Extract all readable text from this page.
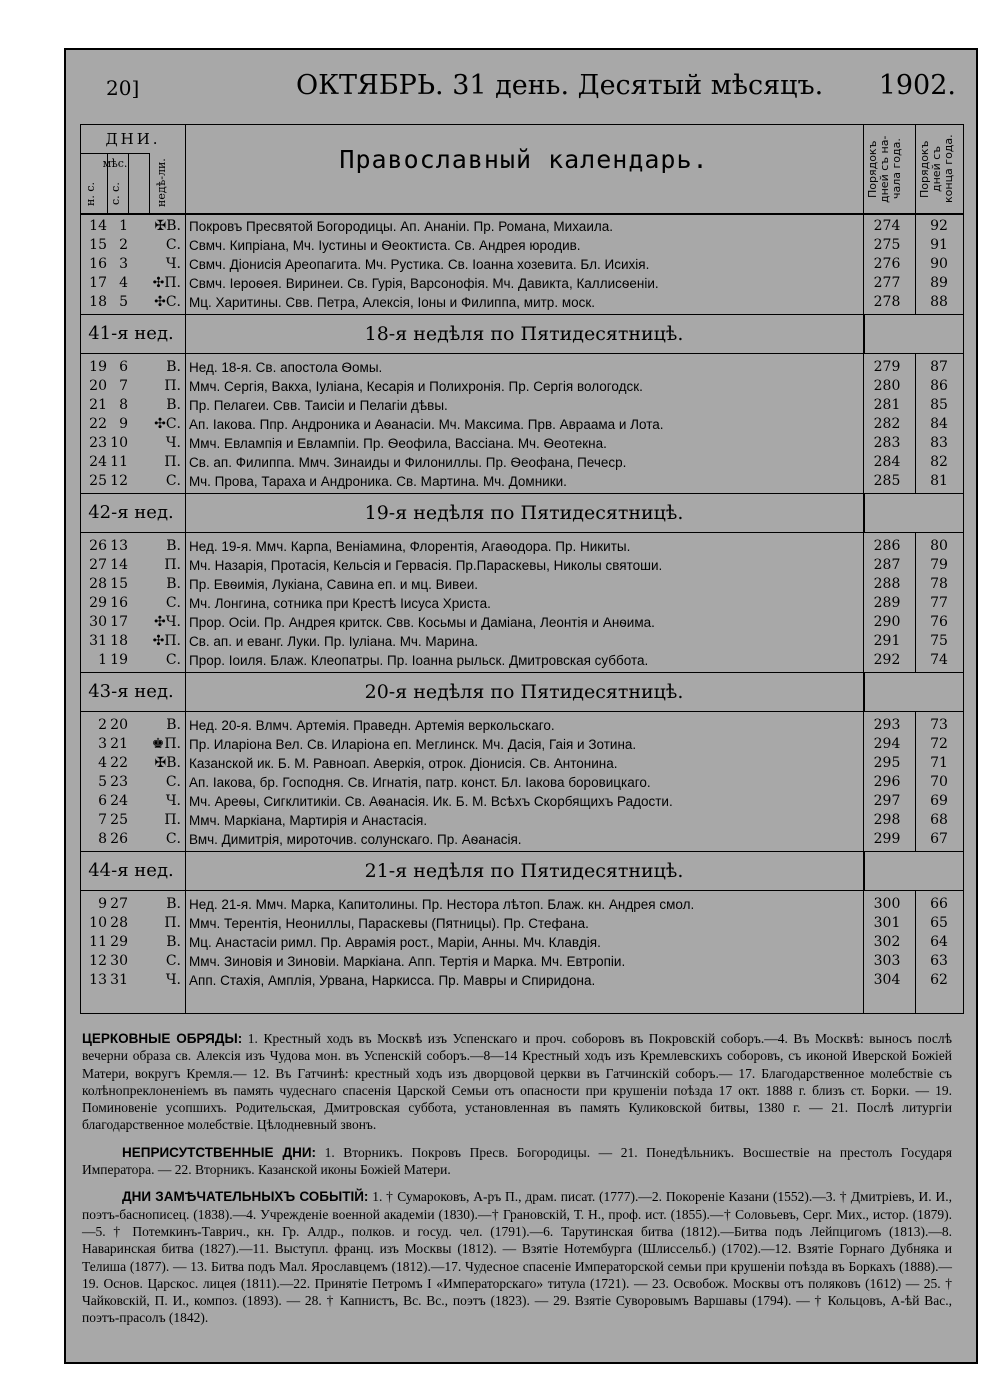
20]	ОКТЯБРЬ. 31 день. Десятый мѣсяцъ. 1902.
ДНИ.
мѣс.
н. с.	с. с.	недѣ-ли.	Православный календарь.	Порядокъ дней съ на-чала года.	Порядокъ дней съ конца года.
14 1	✠В. Покровъ Пресвятой Богородицы. Ап. Ананіи. Пр. Романа, Михаила.	274	92
15 2	С. Свмч. Кипріана, Мч. Іустины и Ѳеоктиста. Св. Андрея юродив.	275	91
16 3	Ч. Свмч. Діонисія Ареопагита. Мч. Рустика. Св. Іоанна хозевита. Бл. Исихія.	276	90
17 4	✣П. Свмч. Іероѳея. Виринеи. Св. Гурія, Варсонофія. Мч. Давикта, Каллисѳеніи.	277	89
18 5	✣С. Мц. Харитины. Свв. Петра, Алексія, Іоны и Филиппа, митр. моск.	278	88
41-я нед.	18-я недѣля по Пятидесятницѣ.
19 6	В. Нед. 18-я. Св. апостола Ѳомы.	279	87
20 7	П. Ммч. Сергія, Вакха, Іуліана, Кесарія и Полихронія. Пр. Сергія вологодск.	280	86
21 8	В. Пр. Пелагеи. Свв. Таисіи и Пелагіи дѣвы.	281	85
22 9	✣С. Ап. Іакова. Ппр. Андроника и Аѳанасіи. Мч. Максима. Прв. Авраама и Лота.	282	84
23 10	Ч. Ммч. Евлампія и Евлампіи. Пр. Ѳеофила, Вассіана. Мч. Ѳеотекна.	283	83
24 11	П. Св. ап. Филиппа. Ммч. Зинаиды и Филониллы. Пр. Ѳеофана, Печеср.	284	82
25 12	С. Мч. Прова, Тараха и Андроника. Св. Мартина. Мч. Домники.	285	81
42-я нед.	19-я недѣля по Пятидесятницѣ.
26 13	В. Нед. 19-я. Ммч. Карпа, Веніамина, Флорентія, Агаѳодора. Пр. Никиты.	286	80
27 14	П. Мч. Назарія, Протасія, Кельсія и Гервасія. Пр.Параскевы, Николы святоши.	287	79
28 15	В. Пр. Евѳимія, Лукіана, Савина еп. и мц. Вивеи.	288	78
29 16	С. Мч. Лонгина, сотника при Крестѣ Іисуса Христа.	289	77
30 17	✣Ч. Прор. Осіи. Пр. Андрея критск. Свв. Косьмы и Даміана, Леонтія и Анѳима.	290	76
31 18	✣П. Св. ап. и еванг. Луки. Пр. Іуліана. Мч. Марина.	291	75
1 19	С. Прор. Іоиля. Блаж. Клеопатры. Пр. Іоанна рыльск. Дмитровская суббота.	292	74
43-я нед.	20-я недѣля по Пятидесятницѣ.
2 20	В. Нед. 20-я. Влмч. Артемія. Праведн. Артемія веркольскаго.	293	73
3 21	♚П. Пр. Иларіона Вел. Св. Иларіона еп. Меглинск. Мч. Дасія, Гаія и Зотина.	294	72
4 22	✠В. Казанской ик. Б. М. Равноап. Аверкія, отрок. Діонисія. Св. Антонина.	295	71
5 23	С. Ап. Іакова, бр. Господня. Св. Игнатія, патр. конст. Бл. Іакова боровицкаго.	296	70
6 24	Ч. Мч. Ареѳы, Сигклитикіи. Св. Аѳанасія. Ик. Б. М. Всѣхъ Скорбящихъ Радости.	297	69
7 25	П. Ммч. Маркіана, Мартирія и Анастасія.	298	68
8 26	С. Вмч. Димитрія, мироточив. солунскаго. Пр. Аѳанасія.	299	67
44-я нед.	21-я недѣля по Пятидесятницѣ.
9 27	В. Нед. 21-я. Ммч. Марка, Капитолины. Пр. Нестора лѣтоп. Блаж. кн. Андрея смол.	300	66
10 28	П. Ммч. Терентія, Неониллы, Параскевы (Пятницы). Пр. Стефана.	301	65
11 29	В. Мц. Анастасіи римл. Пр. Аврамія рост., Маріи, Анны. Мч. Клавдія.	302	64
12 30	С. Ммч. Зиновія и Зиновіи. Маркіана. Апп. Тертія и Марка. Мч. Евтропіи.	303	63
13 31	Ч. Апп. Стахія, Амплія, Урвана, Наркисса. Пр. Мавры и Спиридона.	304	62

ЦЕРКОВНЫЕ ОБРЯДЫ: 1. Крестный ходъ въ Москвѣ изъ Успенскаго и проч. соборовъ въ Покровскій соборъ.—4. Въ Москвѣ: выносъ послѣ вечерни образа св. Алексія изъ Чудова мон. въ Успенскій соборъ.—8—14 Крестный ходъ изъ Кремлевскихъ соборовъ, съ иконой Иверской Божіей Матери, вокругъ Кремля.— 12. Въ Гатчинѣ: крестный ходъ изъ дворцовой церкви въ Гатчинскій соборъ.— 17. Благодарственное молебствіе съ колѣнопреклоненіемъ въ память чудеснаго спасенія Царской Семьи отъ опасности при крушеніи поѣзда 17 окт. 1888 г. близъ ст. Борки. — 19. Поминовеніе усопшихъ. Родительская, Дмитровская суббота, установленная въ память Куликовской битвы, 1380 г. — 21. Послѣ литургіи благодарственное молебствіе. Цѣлодневный звонъ.

НЕПРИСУТСТВЕННЫЕ ДНИ: 1. Вторникъ. Покровъ Пресв. Богородицы. — 21. Понедѣльникъ. Восшествіе на престолъ Государя Императора. — 22. Вторникъ. Казанской иконы Божіей Матери.

ДНИ ЗАМѢЧАТЕЛЬНЫХЪ СОБЫТІЙ: 1. † Сумароковъ, А-ръ П., драм. писат. (1777).—2. Покореніе Казани (1552).—3. † Дмитріевъ, И. И., поэтъ-баснописец. (1838).—4. Учрежденіе военной академіи (1830).—† Грановскій, Т. Н., проф. ист. (1855).—† Соловьевъ, Серг. Мих., истор. (1879).—5. † Потемкинъ-Таврич., кн. Гр. Алдр., полков. и госуд. чел. (1791).—6. Тарутинская битва (1812).—Битва подъ Лейпцигомъ (1813).—8. Наваринская битва (1827).—11. Выступл. франц. изъ Москвы (1812). — Взятіе Нотембурга (Шлиссельб.) (1702).—12. Взятіе Горнаго Дубняка и Телиша (1877). — 13. Битва подъ Мал. Ярославцемъ (1812).—17. Чудесное спасеніе Императорской семьи при крушеніи поѣзда въ Боркахъ (1888).—19. Основ. Царскос. лицея (1811).—22. Принятіе Петромъ I «Императорскаго» титула (1721). — 23. Освобож. Москвы отъ поляковъ (1612) — 25. † Чайковскій, П. И., композ. (1893). — 28. † Капнистъ, Вс. Вс., поэтъ (1823). — 29. Взятіе Суворовымъ Варшавы (1794). — † Кольцовъ, А-ѣй Вас., поэтъ-прасолъ (1842).
